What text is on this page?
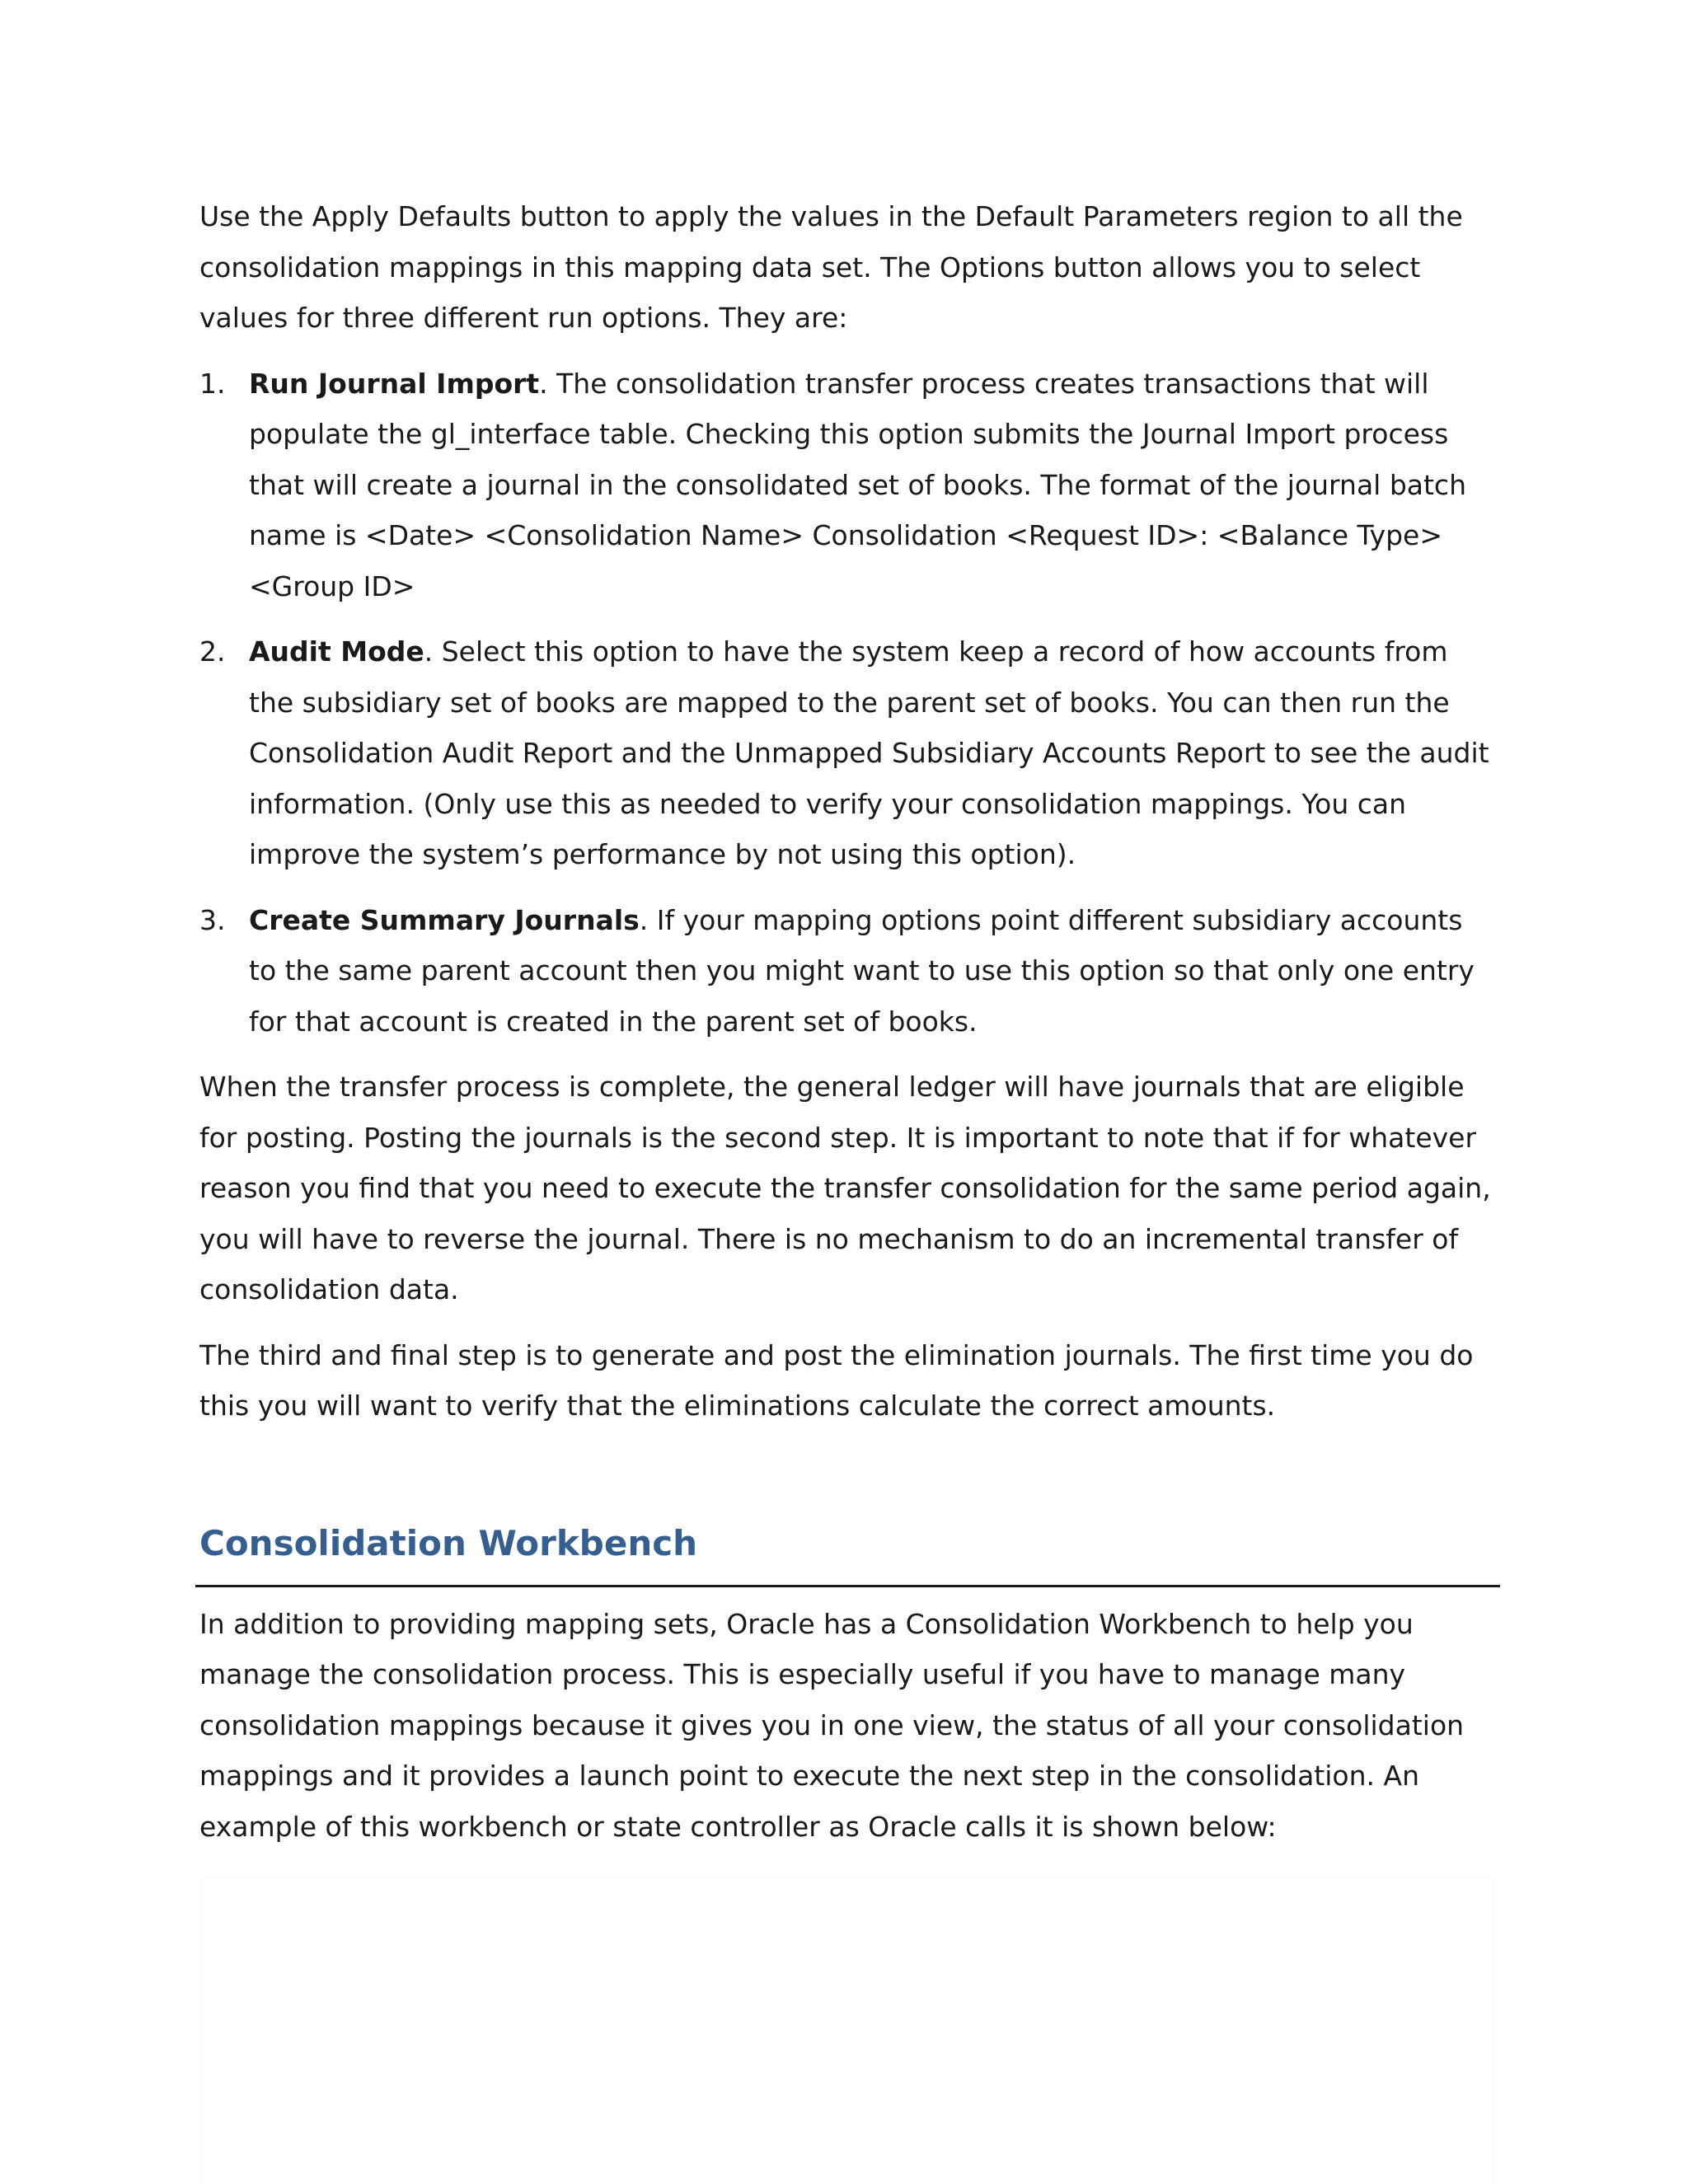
Use the Apply Defaults button to apply the values in the Default Parameters region to all the consolidation mappings in this mapping data set. The Options button allows you to select values for three different run options. They are:

1. Run Journal Import. The consolidation transfer process creates transactions that will populate the gl_interface table. Checking this option submits the Journal Import process that will create a journal in the consolidated set of books. The format of the journal batch name is <Date> <Consolidation Name> Consolidation <Request ID>: <Balance Type> <Group ID>
2. Audit Mode. Select this option to have the system keep a record of how accounts from the subsidiary set of books are mapped to the parent set of books. You can then run the Consolidation Audit Report and the Unmapped Subsidiary Accounts Report to see the audit information. (Only use this as needed to verify your consolidation mappings. You can improve the system’s performance by not using this option).
3. Create Summary Journals. If your mapping options point different subsidiary accounts to the same parent account then you might want to use this option so that only one entry for that account is created in the parent set of books.

When the transfer process is complete, the general ledger will have journals that are eligible for posting. Posting the journals is the second step. It is important to note that if for whatever reason you find that you need to execute the transfer consolidation for the same period again, you will have to reverse the journal. There is no mechanism to do an incremental transfer of consolidation data.

The third and final step is to generate and post the elimination journals. The first time you do this you will want to verify that the eliminations calculate the correct amounts.

Consolidation Workbench

In addition to providing mapping sets, Oracle has a Consolidation Workbench to help you manage the consolidation process. This is especially useful if you have to manage many consolidation mappings because it gives you in one view, the status of all your consolidation mappings and it provides a launch point to execute the next step in the consolidation. An example of this workbench or state controller as Oracle calls it is shown below:
